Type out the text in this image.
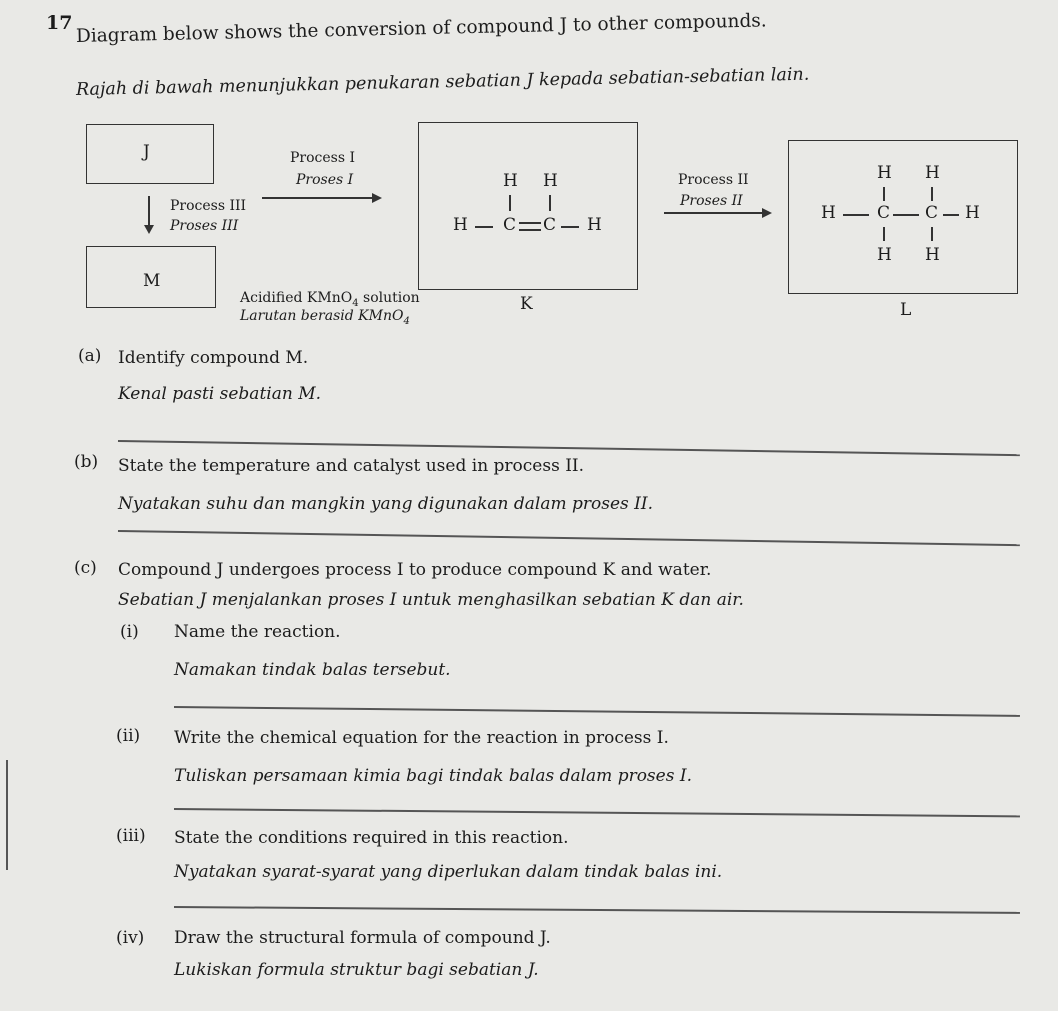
17 Diagram below shows the conversion of compound J to other compounds.
Rajah di bawah menunjukkan penukaran sebatian J kepada sebatian-sebatian lain.
J	Process I
Proses I	H H
H C C H
K
Process II
Proses II
H H
H C C H
H H
L
Process III
Proses III
M
Acidified KMnO$_4$ solution
Larutan berasid KMnO$_4$
(a) Identify compound M.
Kenal pasti sebatian M.
(b) State the temperature and catalyst used in process II.
Nyatakan suhu dan mangkin yang digunakan dalam proses II.
(c) Compound J undergoes process I to produce compound K and water.
Sebatian J menjalankan proses I untuk menghasilkan sebatian K dan air.
(i) Name the reaction.
Namakan tindak balas tersebut.
(ii) Write the chemical equation for the reaction in process I.
Tuliskan persamaan kimia bagi tindak balas dalam proses I.
(iii) State the conditions required in this reaction.
Nyatakan syarat-syarat yang diperlukan dalam tindak balas ini.
(iv) Draw the structural formula of compound J.
Lukiskan formula struktur bagi sebatian J.
